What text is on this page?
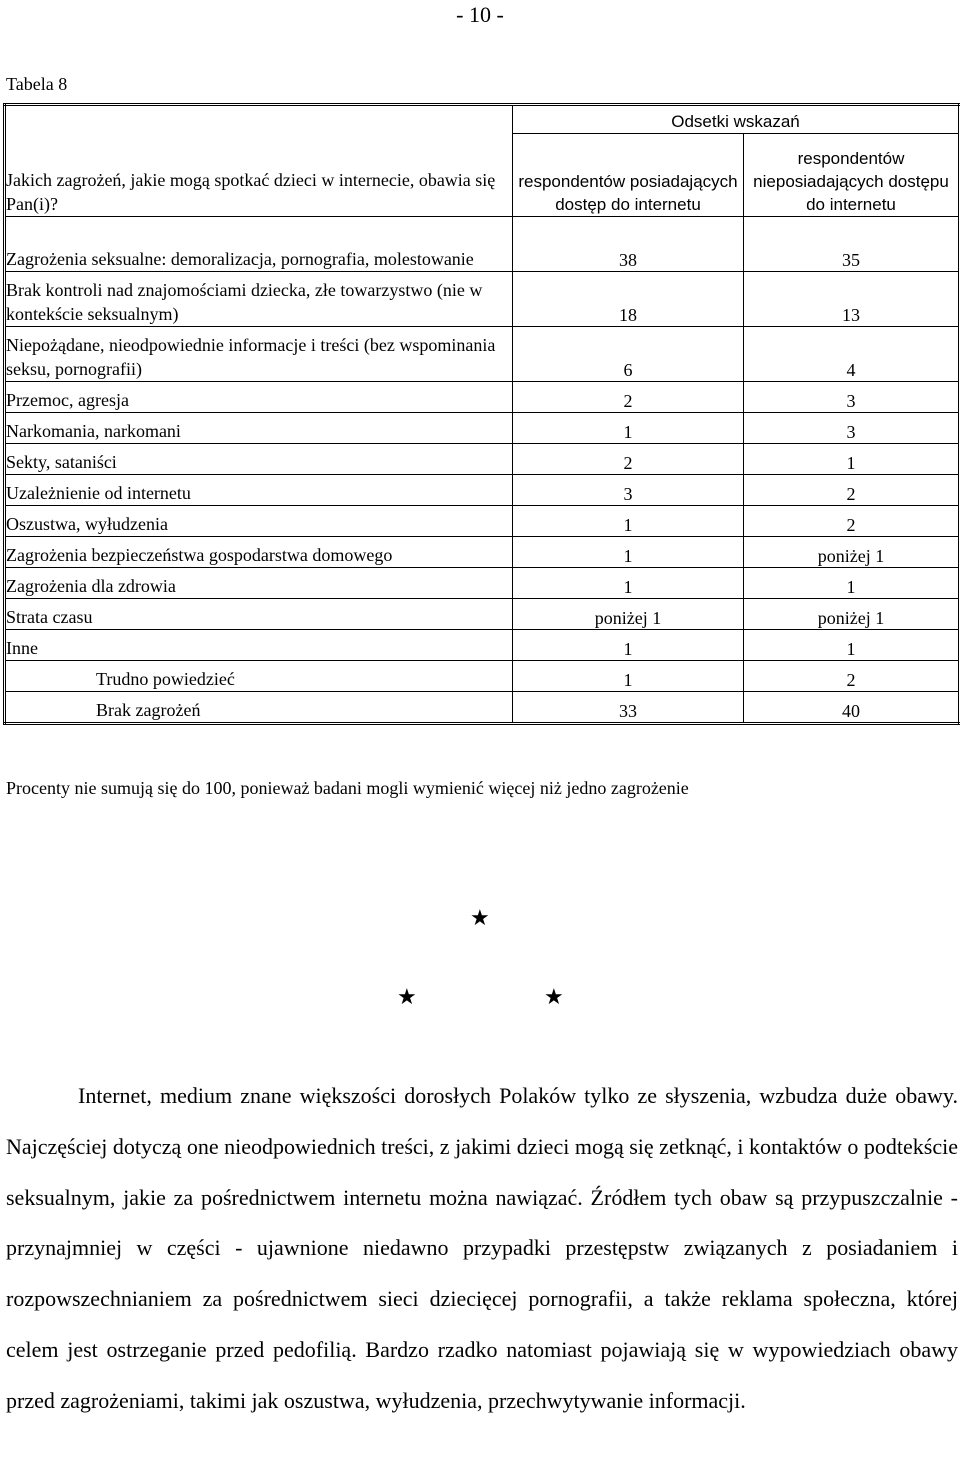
- 10 -
Tabela 8
Jakich zagrożeń, jakie mogą spotkać dzieci w internecie, obawia się Pan(i)?	Odsetki wskazań	
	respondentów posiadających dostęp do internetu	respondentów nieposiadających dostępu do internetu
Zagrożenia seksualne: demoralizacja, pornografia, molestowanie	38	35
Brak kontroli nad znajomościami dziecka, złe towarzystwo (nie w kontekście seksualnym)	18	13
Niepożądane, nieodpowiednie informacje i treści (bez wspominania seksu, pornografii)	6	4
Przemoc, agresja	2	3
Narkomania, narkomani	1	3
Sekty, sataniści	2	1
Uzależnienie od internetu	3	2
Oszustwa, wyłudzenia	1	2
Zagrożenia bezpieczeństwa gospodarstwa domowego	1	poniżej 1
Zagrożenia dla zdrowia	1	1
Strata czasu	poniżej 1	poniżej 1
Inne	1	1
Trudno powiedzieć	1	2
Brak zagrożeń	33	40
Procenty nie sumują się do 100, ponieważ badani mogli wymienić więcej niż jedno zagrożenie
★
★	★

Internet, medium znane większości dorosłych Polaków tylko ze słyszenia, wzbudza duże obawy. Najczęściej dotyczą one nieodpowiednich treści, z jakimi dzieci mogą się zetknąć, i kontaktów o podtekście seksualnym, jakie za pośrednictwem internetu można nawiązać. Źródłem tych obaw są przypuszczalnie - przynajmniej w części - ujawnione niedawno przypadki przestępstw związanych z posiadaniem i rozpowszechnianiem za pośrednictwem sieci dziecięcej pornografii, a także reklama społeczna, której celem jest ostrzeganie przed pedofilią. Bardzo rzadko natomiast pojawiają się w wypowiedziach obawy przed zagrożeniami, takimi jak oszustwa, wyłudzenia, przechwytywanie informacji.
